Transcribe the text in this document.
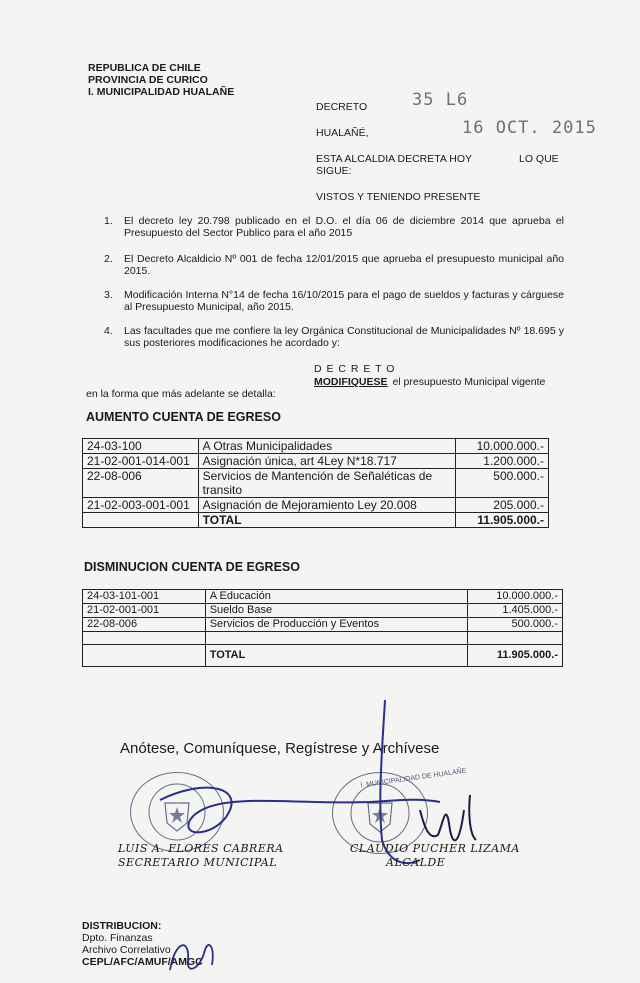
REPUBLICA DE CHILE
PROVINCIA DE CURICO
I. MUNICIPALIDAD HUALAÑE
DECRETO	35 L6
HUALAÑÉ,	16 OCT. 2015
ESTA ALCALDIA DECRETA HOY	LO QUE
SIGUE:
VISTOS Y TENIENDO PRESENTE
1. El decreto ley 20.798 publicado en el D.O. el día 06 de diciembre 2014 que aprueba el Presupuesto del Sector Publico para el año 2015
2. El Decreto Alcaldicio Nº 001 de fecha 12/01/2015 que aprueba el presupuesto municipal año 2015.
3. Modificación Interna N°14 de fecha 16/10/2015 para el pago de sueldos y facturas y cárguese al Presupuesto Municipal, año 2015.
4. Las facultades que me confiere la ley Orgánica Constitucional de Municipalidades Nº 18.695 y sus posteriores modificaciones he acordado y:
D E C R E T O
MODIFIQUESE el presupuesto Municipal vigente
en la forma que más adelante se detalla:
AUMENTO CUENTA DE EGRESO
24-03-100	A Otras Municipalidades	10.000.000.-
21-02-001-014-001	Asignación única, art 4Ley N*18.717	1.200.000.-
22-08-006	Servicios de Mantención de Señaléticas de transito	500.000.-
21-02-003-001-001	Asignación de Mejoramiento Ley 20.008	205.000.-
	TOTAL	11.905.000.-
DISMINUCION CUENTA DE EGRESO
24-03-101-001	A Educación	10.000.000.-
21-02-001-001	Sueldo Base	1.405.000.-
22-08-006	Servicios de Producción y Eventos	500.000.-

	TOTAL	11.905.000.-
Anótese, Comuníquese, Regístrese y Archívese
I. MUNICIPALIDAD DE HUALAÑE
LUIS A. FLORES CABRERA
SECRETARIO MUNICIPAL
CLAUDIO PUCHER LIZAMA
ALCALDE
DISTRIBUCION:
Dpto. Finanzas
Archivo Correlativo
CEPL/AFC/AMUF/AMGC
